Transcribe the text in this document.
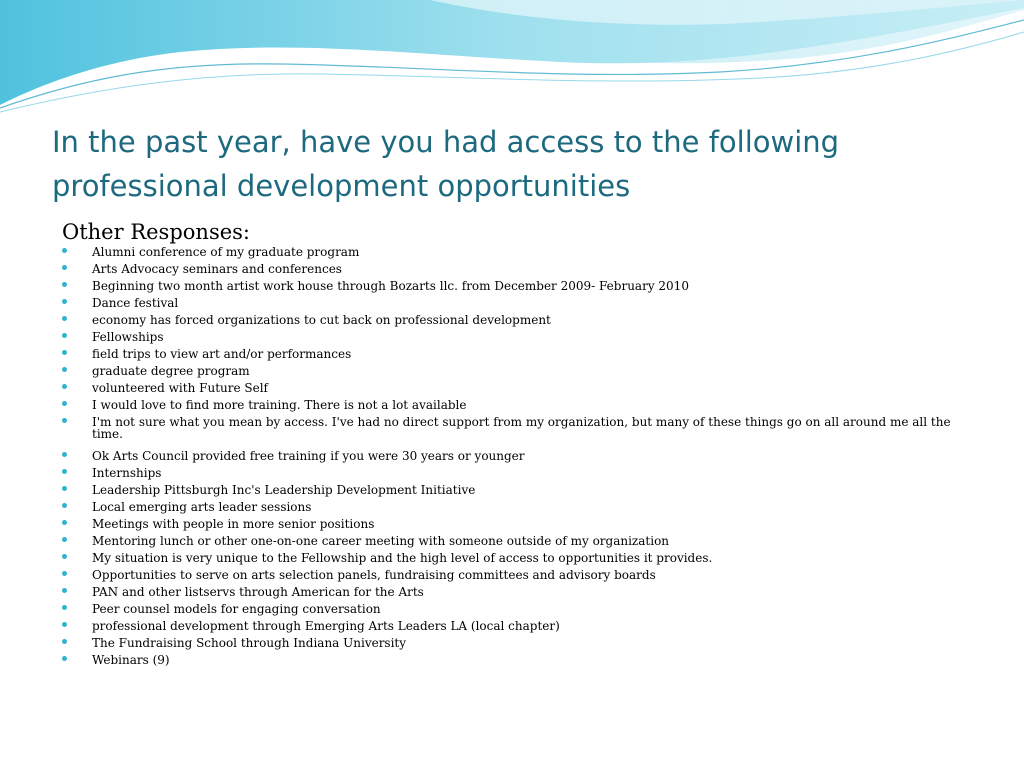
In the past year, have you had access to the following professional development opportunities
Other Responses:
Alumni conference of my graduate program
Arts Advocacy seminars and conferences
Beginning two month artist work house through Bozarts llc. from December 2009- February 2010
Dance festival
economy has forced organizations to cut back on professional development
Fellowships
field trips to view art and/or performances
graduate degree program
volunteered with Future Self
I would love to find more training. There is not a lot available
I'm not sure what you mean by access. I've had no direct support from my organization, but many of these things go on all around me all the time.
Ok Arts Council provided free training if you were 30 years or younger
Internships
Leadership Pittsburgh Inc's Leadership Development Initiative
Local emerging arts leader sessions
Meetings with people in more senior positions
Mentoring lunch or other one-on-one career meeting with someone outside of my organization
My situation is very unique to the Fellowship and the high level of access to opportunities it provides.
Opportunities to serve on arts selection panels, fundraising committees and advisory boards
PAN and other listservs through American for the Arts
Peer counsel models for engaging conversation
professional development through Emerging Arts Leaders LA (local chapter)
The Fundraising School through Indiana University
Webinars (9)
